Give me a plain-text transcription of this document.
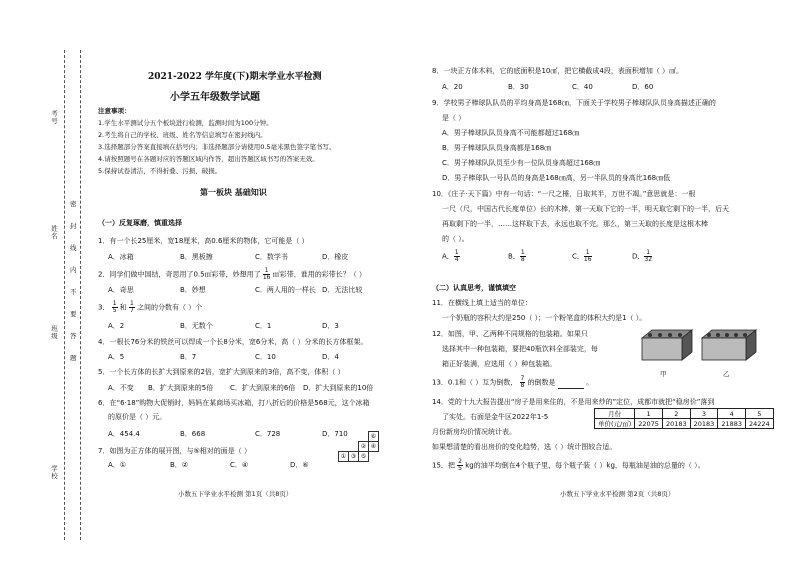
考号
姓名
班级
学校
密
封
线
内
不
要
答
题
2021-2022 学年度(下)期末学业水平检测
小学五年级数学试题
注意事项：
1.学生水平测试分五个板块进行检测，监测时间为100分钟。
2.考生将自己的学校、班级、姓名等信息填写在密封线内。
3.选择题部分答案直接填在括号内；非选择题部分请使用0.5毫米黑色签字笔书写。
4.请按照题号在各题对应的答题区域内作答，超出答题区域书写的答案无效。
5.保持试卷清洁，不得折叠、污损、破损。
第一板块 基础知识
（一）反复琢磨，慎重选择
1．有一个长25厘米，宽18厘米，高0.6厘米的物体，它可能是（ ）
A．冰箱	B．黑板擦	C．数学书	D．橡皮
2．同学们做中国结，奇思用了0.5㎡彩带，妙想用了 $\frac{1}{16}$ ㎡彩带，谁用的彩带长？（ ）
A．奇思	B．妙想	C．两人用的一样长 D．无法比较
3． $\frac{1}{5}$ 和 $\frac{1}{7}$ 之间的分数有（ ）个
A．2	B．无数个	C．1	D．3
4．一根长76分米的铁丝可以焊成一个长8分米，宽6分米，高（ ）分米的长方体框架。
A．5	B．7	C．10	D．4
5．一个长方体的长扩大到原来的2倍，宽扩大到原来的3倍，高不变，体积（ ）
A．不变 B．扩大到原来的5倍 C．扩大到原来的6倍 D．扩大到原来的10倍
6．在“6·18”购物大促销时，妈妈在某商场买冰箱，打八折后的价格是568元，这个冰箱
的原价是（ ）元。
A．454.4	B．668	C．728	D．710
7．如图为正方体的展开图，与⑤相对的面是（ ）
A．①	B．②	C．④	D．⑥
⑥
④
②
① ③ ⑤
小数五下学业水平检测 第1页（共8页）
8．一块正方体木料，它的底面积是10㎠，把它横截成4段，表面积增加（ ）㎠。
A．20	B．30	C．40	D．60
9．学校男子棒球队队员的平均身高是168㎝，下面关于学校男子棒球队队员身高描述正确的
是（ ）
A．男子棒球队队员身高不可能都超过168㎝
B．男子棒球队队员身高都是168㎝
C．男子棒球队队员至少有一位队员身高超过168㎝
D．男子棒球队一号队员的身高是168㎝高，另一半队员的身高比168㎝低
10．《庄子·天下篇》中有一句话：“一尺之棰，日取其半，万世不竭。”意思就是：一根
一尺（尺，中国古代长度单位）长的木棒，第一天取下它的一半，明天取它剩下的一半，后天
再取剩下的一半，……这样取下去，永远也取不完。那么，第三天取的长度是这根木棒
的（ ）。
A． $\frac{1}{4}$	B． $\frac{1}{8}$	C． $\frac{1}{16}$	D． $\frac{1}{32}$
（二）认真思考，谨慎填空
11．在横线上填上适当的单位：
一个奶瓶的容积大约是250（ ）；一个粉笔盒的体积大约是1（ ）。
12．如图，甲、乙两种不同规格的包装箱。如果只
选择其中一种包装箱，要把40瓶饮料全部装完，每
箱正好装满，应选用（ ）种包装箱。
甲	乙
13．0.1和（ ）互为倒数， $\frac{7}{8}$ 的倒数是	。
14．党的十九大报告提出“房子是用来住的，不是用来炒的”定位，成都市就把“稳房价”落到
了实处。右面是金牛区2022年1-5
月份新房均价情况统计表。
如果想清楚的看出房价的变化趋势，选（ ）统计图较合适。
月份	1	2	3	4	5
单价(元/㎡)	22075	20183	20183	21883	24224
15．把 $\frac{2}{5}$ kg的油平均倒在4个瓶子里，每个瓶子装（ ）kg，每瓶油是油的总量的（ ）。
小数五下学业水平检测 第2页（共8页）
